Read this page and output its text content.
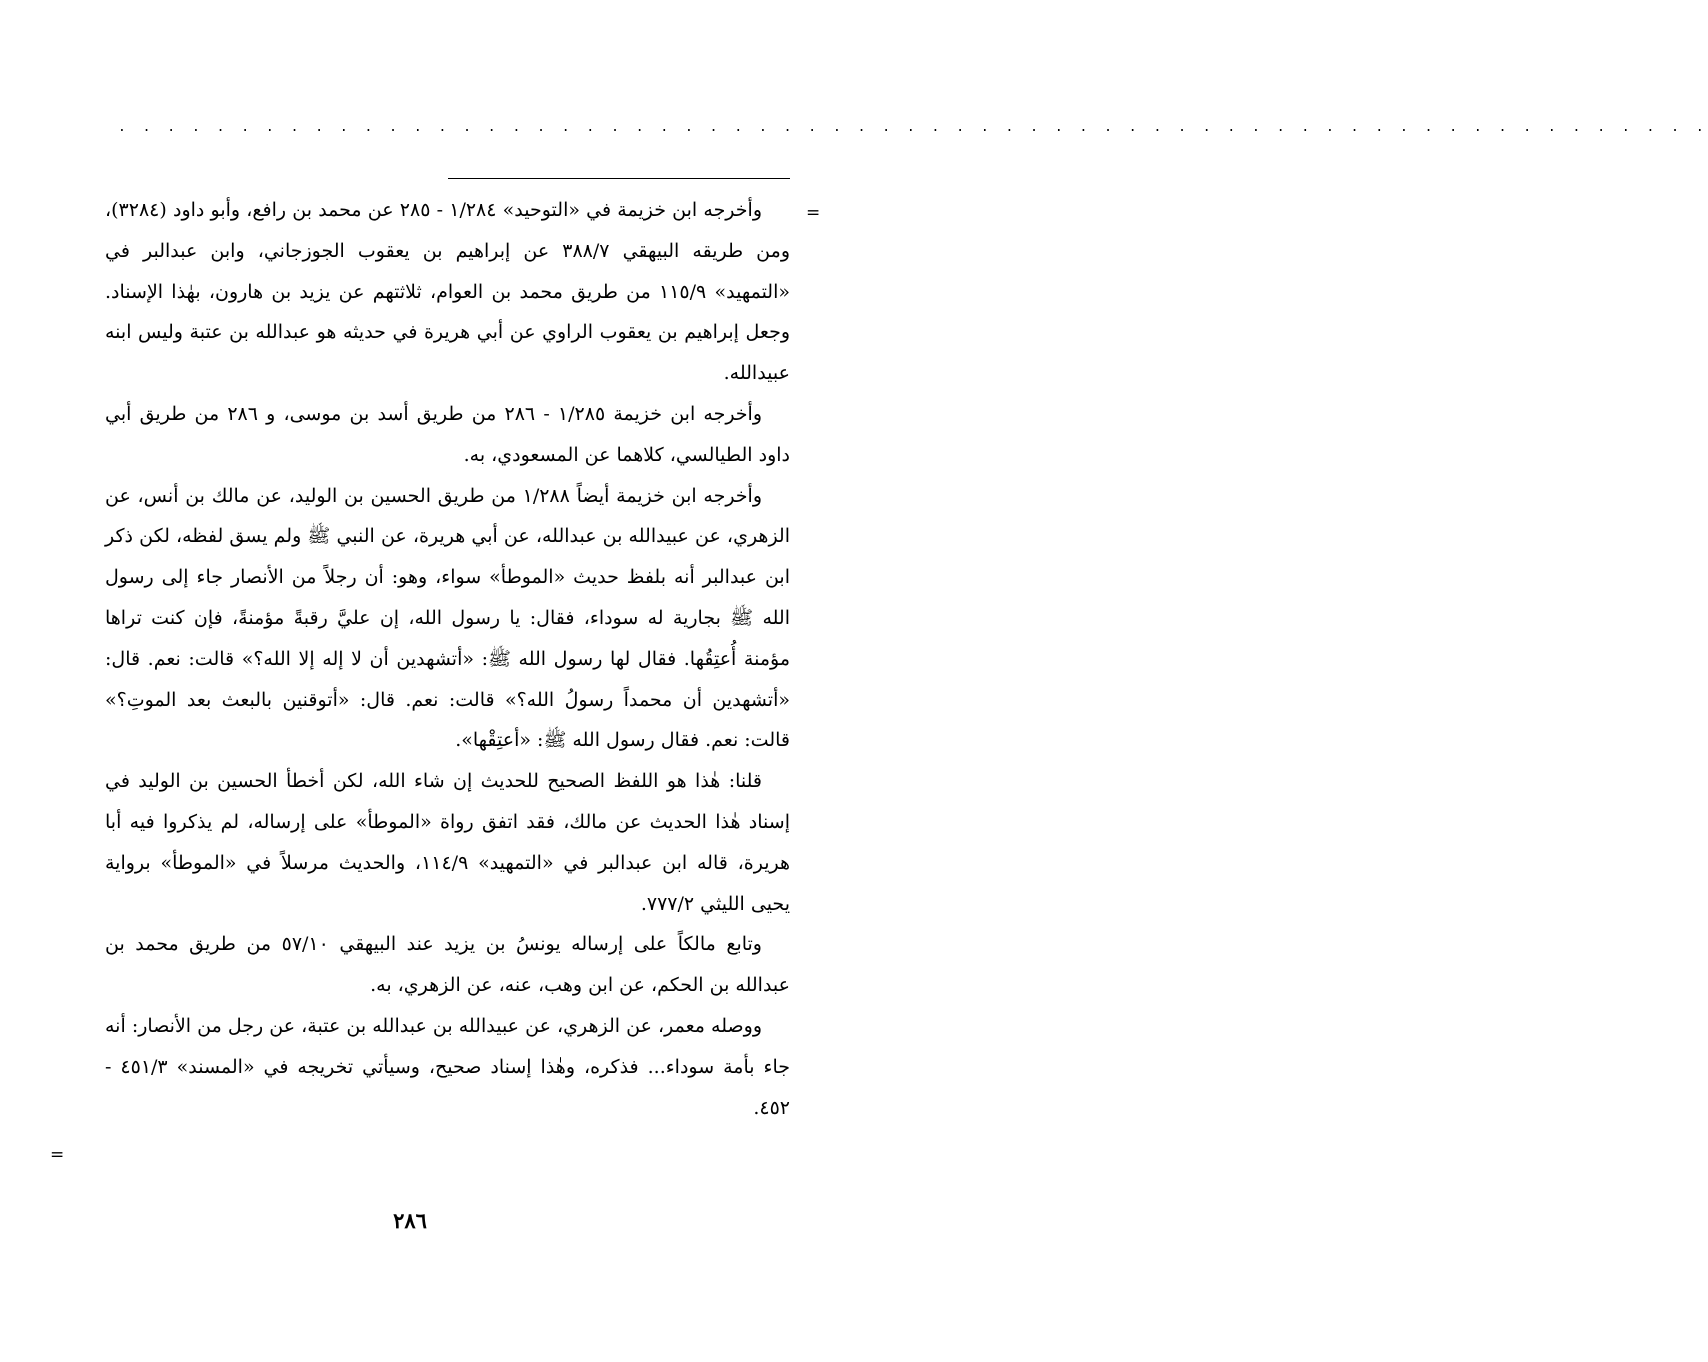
. . . . . . . . . . . . . . . . . . . . . . . . . . . . . . . . . . . . . . . . . . . . . . . . . . . . . . . . . . . . . . . . .
=

وأخرجه ابن خزيمة في «التوحيد» ١/٢٨٤ - ٢٨٥ عن محمد بن رافع، وأبو داود (٣٢٨٤)، ومن طريقه البيهقي ٣٨٨/٧ عن إبراهيم بن يعقوب الجوزجاني، وابن عبدالبر في «التمهيد» ١١٥/٩ من طريق محمد بن العوام، ثلاثتهم عن يزيد بن هارون، بهٰذا الإسناد. وجعل إبراهيم بن يعقوب الراوي عن أبي هريرة في حديثه هو عبدالله بن عتبة وليس ابنه عبيدالله.

وأخرجه ابن خزيمة ١/٢٨٥ - ٢٨٦ من طريق أسد بن موسى، و ٢٨٦ من طريق أبي داود الطيالسي، كلاهما عن المسعودي، به.

وأخرجه ابن خزيمة أيضاً ١/٢٨٨ من طريق الحسين بن الوليد، عن مالك بن أنس، عن الزهري، عن عبيدالله بن عبدالله، عن أبي هريرة، عن النبي ﷺ ولم يسق لفظه، لكن ذكر ابن عبدالبر أنه بلفظ حديث «الموطأ» سواء، وهو: أن رجلاً من الأنصار جاء إلى رسول الله ﷺ بجارية له سوداء، فقال: يا رسول الله، إن عليَّ رقبةً مؤمنةً، فإن كنت تراها مؤمنة أُعتِقُها. فقال لها رسول الله ﷺ: «أتشهدين أن لا إله إلا الله؟» قالت: نعم. قال: «أتشهدين أن محمداً رسولُ الله؟» قالت: نعم. قال: «أتوقنين بالبعث بعد الموتِ؟» قالت: نعم. فقال رسول الله ﷺ: «أعتِقْها».

قلنا: هٰذا هو اللفظ الصحيح للحديث إن شاء الله، لكن أخطأ الحسين بن الوليد في إسناد هٰذا الحديث عن مالك، فقد اتفق رواة «الموطأ» على إرساله، لم يذكروا فيه أبا هريرة، قاله ابن عبدالبر في «التمهيد» ١١٤/٩، والحديث مرسلاً في «الموطأ» برواية يحيى الليثي ٧٧٧/٢.

وتابع مالكاً على إرساله يونسُ بن يزيد عند البيهقي ٥٧/١٠ من طريق محمد بن عبدالله بن الحكم، عن ابن وهب، عنه، عن الزهري، به.

ووصله معمر، عن الزهري، عن عبيدالله بن عبدالله بن عتبة، عن رجل من الأنصار: أنه جاء بأمة سوداء... فذكره، وهٰذا إسناد صحيح، وسيأتي تخريجه في «المسند» ٤٥١/٣ - ٤٥٢.

=
٢٨٦
